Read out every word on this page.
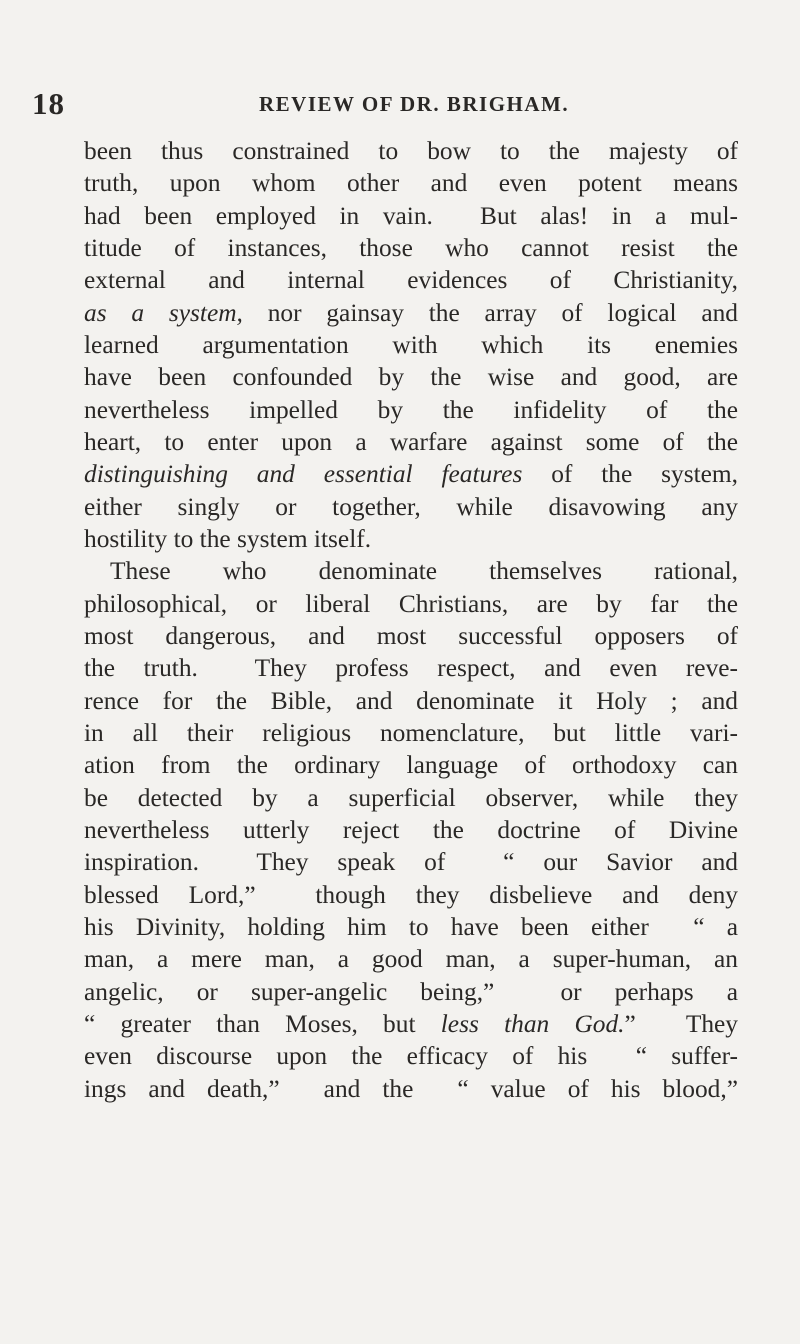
18	REVIEW OF DR. BRIGHAM.
been thus constrained to bow to the majesty of
truth, upon whom other and even potent means
had been employed in vain.  But alas! in a mul-
titude of instances, those who cannot resist the
external and internal evidences of Christianity,
as a system, nor gainsay the array of logical and
learned argumentation with which its enemies
have been confounded by the wise and good, are
nevertheless impelled by the infidelity of the
heart, to enter upon a warfare against some of the
distinguishing and essential features of the system,
either singly or together, while disavowing any
hostility to the system itself.
These who denominate themselves rational,
philosophical, or liberal Christians, are by far the
most dangerous, and most successful opposers of
the truth.  They profess respect, and even reve-
rence for the Bible, and denominate it Holy ; and
in all their religious nomenclature, but little vari-
ation from the ordinary language of orthodoxy can
be detected by a superficial observer, while they
nevertheless utterly reject the doctrine of Divine
inspiration.  They speak of  “ our Savior and
blessed Lord,”  though they disbelieve and deny
his Divinity, holding him to have been either  “ a
man, a mere man, a good man, a super-human, an
angelic, or super-angelic being,”  or perhaps a
“ greater than Moses, but less than God.”  They
even discourse upon the efficacy of his  “ suffer-
ings and death,”  and the  “ value of his blood,”
